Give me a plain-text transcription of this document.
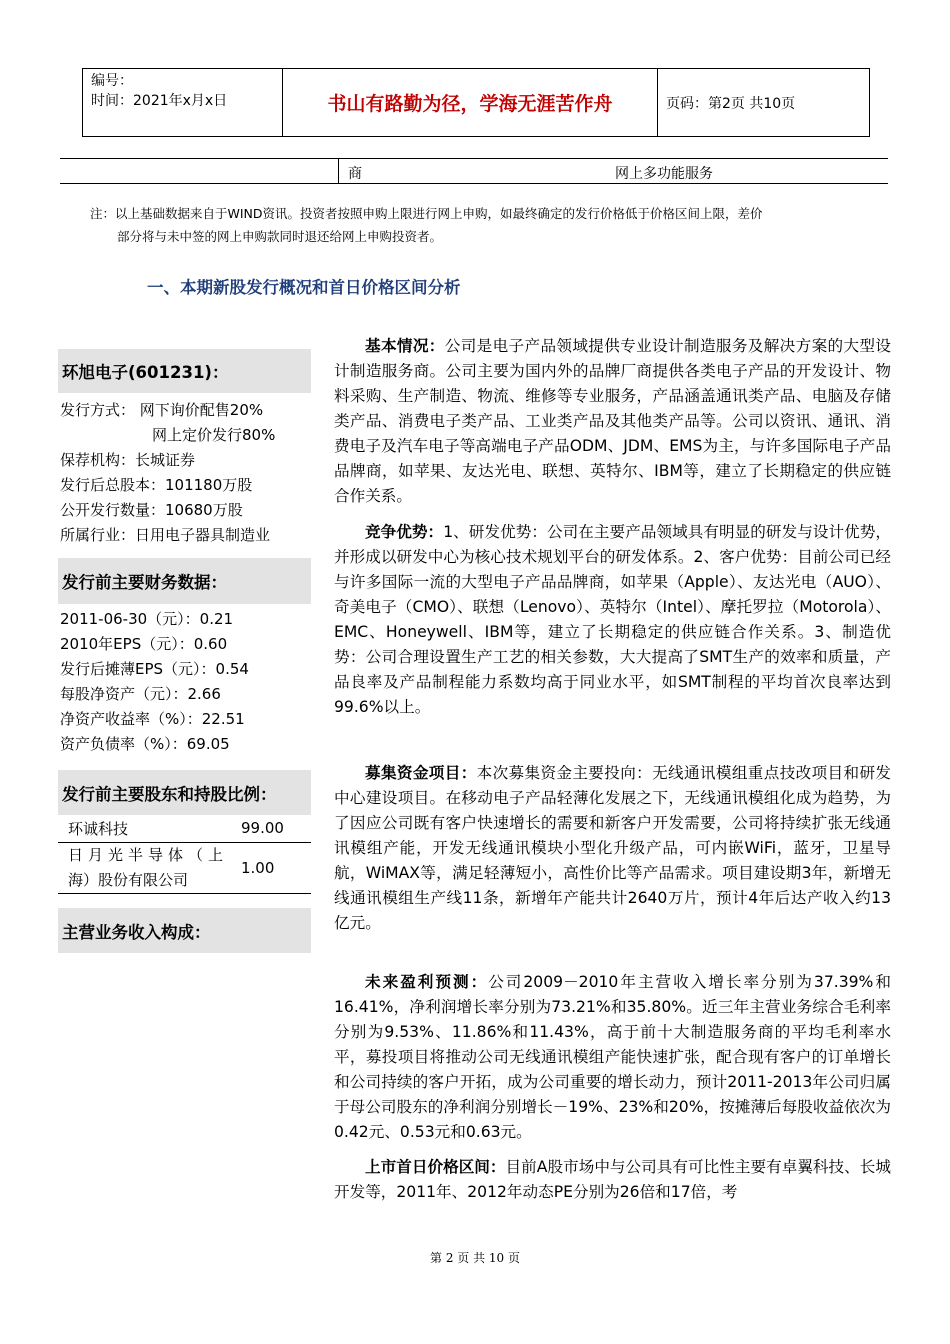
编号：
时间：2021年x月x日	书山有路勤为径，学海无涯苦作舟	页码：第2页 共10页
商	网上多功能服务
注：以上基础数据来自于WIND资讯。投资者按照申购上限进行网上申购，如最终确定的发行价格低于价格区间上限，差价
部分将与未中签的网上申购款同时退还给网上申购投资者。
一、本期新股发行概况和首日价格区间分析
环旭电子(601231)：
发行方式： 网下询价配售20%
网上定价发行80%
保荐机构：长城证券
发行后总股本：101180万股
公开发行数量：10680万股
所属行业：日用电子器具制造业
发行前主要财务数据：
2011-06-30（元）：0.21
2010年EPS（元）：0.60
发行后摊薄EPS（元）：0.54
每股净资产（元）：2.66
净资产收益率（%）：22.51
资产负债率（%）：69.05
发行前主要股东和持股比例：
环诚科技	99.00

日月光半导体（上
海）股份有限公司	1.00
主营业务收入构成：

基本情况：公司是电子产品领域提供专业设计制造服务及解决方案的大型设计制造服务商。公司主要为国内外的品牌厂商提供各类电子产品的开发设计、物料采购、生产制造、物流、维修等专业服务，产品涵盖通讯类产品、电脑及存储类产品、消费电子类产品、工业类产品及其他类产品等。公司以资讯、通讯、消费电子及汽车电子等高端电子产品ODM、JDM、EMS为主，与许多国际电子产品品牌商，如苹果、友达光电、联想、英特尔、IBM等，建立了长期稳定的供应链合作关系。

竞争优势：1、研发优势：公司在主要产品领域具有明显的研发与设计优势，并形成以研发中心为核心技术规划平台的研发体系。2、客户优势：目前公司已经与许多国际一流的大型电子产品品牌商，如苹果（Apple）、友达光电（AUO）、奇美电子（CMO）、联想（Lenovo）、英特尔（Intel）、摩托罗拉（Motorola）、EMC、Honeywell、IBM等，建立了长期稳定的供应链合作关系。3、制造优势：公司合理设置生产工艺的相关参数，大大提高了SMT生产的效率和质量，产品良率及产品制程能力系数均高于同业水平，如SMT制程的平均首次良率达到99.6%以上。

募集资金项目：本次募集资金主要投向：无线通讯模组重点技改项目和研发中心建设项目。在移动电子产品轻薄化发展之下，无线通讯模组化成为趋势，为了因应公司既有客户快速增长的需要和新客户开发需要，公司将持续扩张无线通讯模组产能，开发无线通讯模块小型化升级产品，可内嵌WiFi，蓝牙，卫星导航，WiMAX等，满足轻薄短小，高性价比等产品需求。项目建设期3年，新增无线通讯模组生产线11条，新增年产能共计2640万片，预计4年后达产收入约13亿元。

未来盈利预测：公司2009－2010年主营收入增长率分别为37.39%和16.41%，净利润增长率分别为73.21%和35.80%。近三年主营业务综合毛利率分别为9.53%、11.86%和11.43%，高于前十大制造服务商的平均毛利率水平，募投项目将推动公司无线通讯模组产能快速扩张，配合现有客户的订单增长和公司持续的客户开拓，成为公司重要的增长动力，预计2011-2013年公司归属于母公司股东的净利润分别增长－19%、23%和20%，按摊薄后每股收益依次为0.42元、0.53元和0.63元。

上市首日价格区间：目前A股市场中与公司具有可比性主要有卓翼科技、长城开发等，2011年、2012年动态PE分别为26倍和17倍，考

第 2 页 共 10 页
